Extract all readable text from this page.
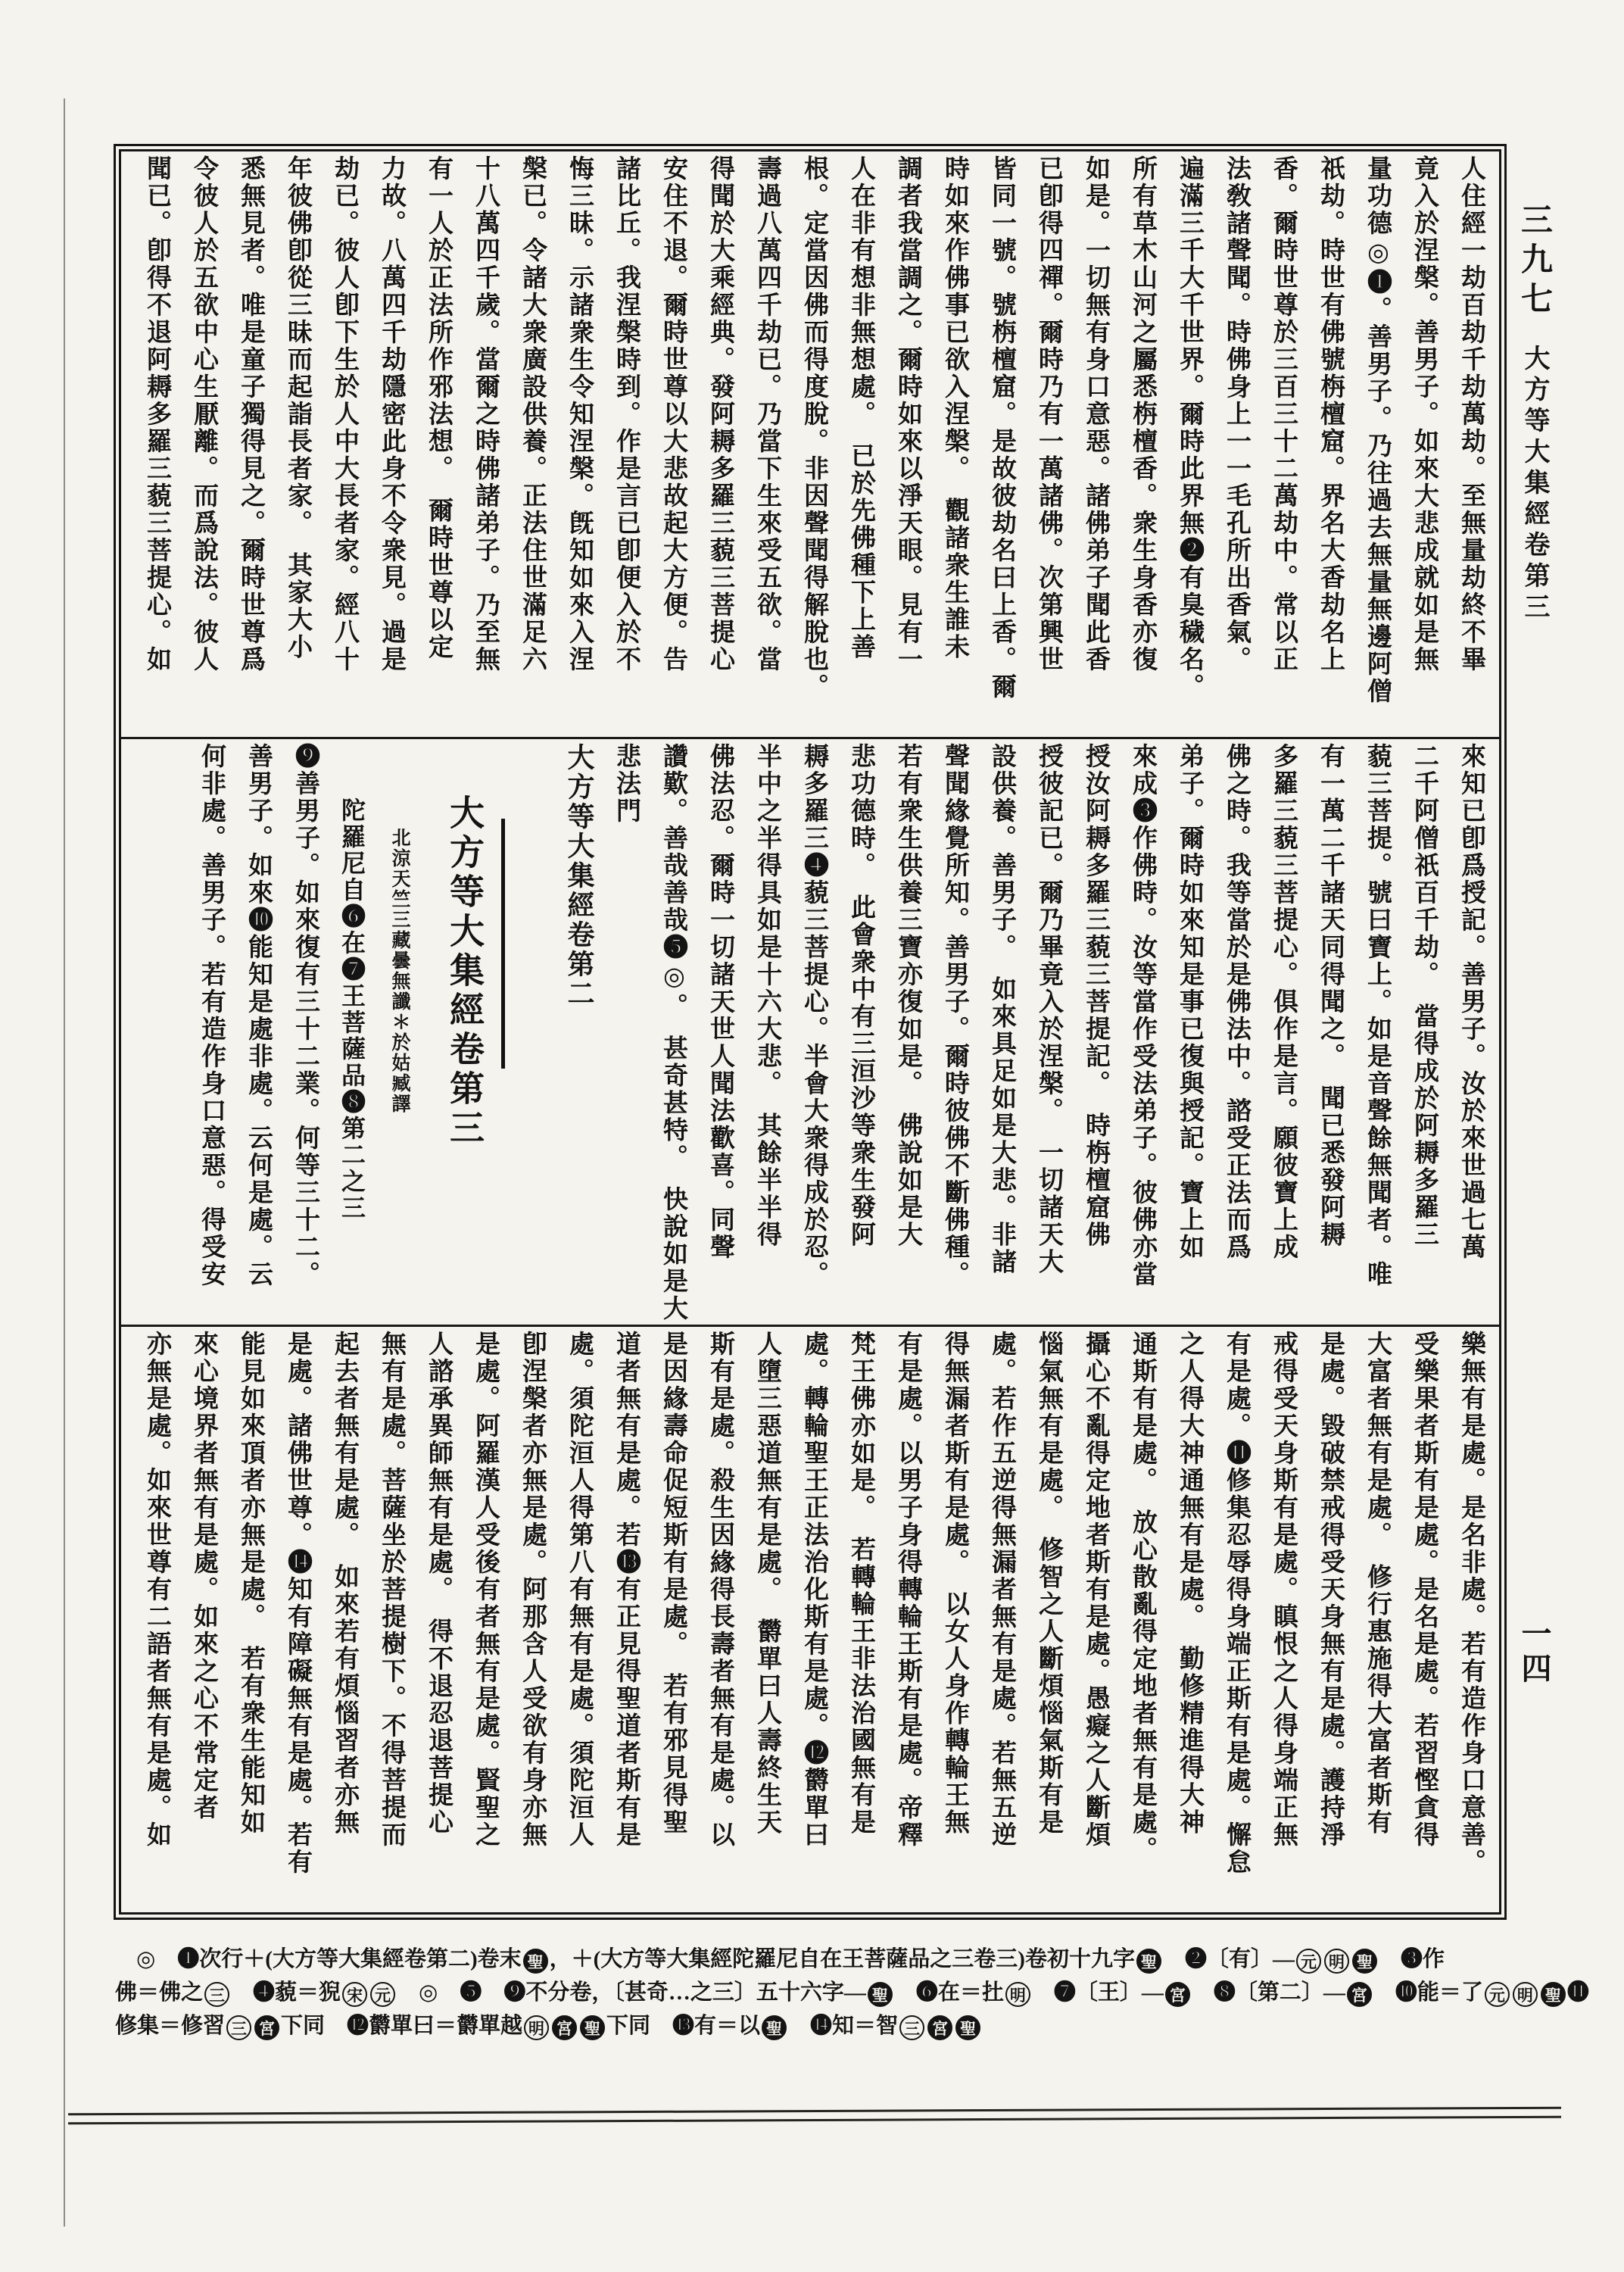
三九七
大方等大集經卷第三
一四
人住經一劫百劫千劫萬劫。至無量劫終不畢
竟入於涅槃。善男子。如來大悲成就如是無
量功德◎❶。善男子。乃往過去無量無邊阿僧
祇劫。時世有佛號栴檀窟。界名大香劫名上
香。爾時世尊於三百三十二萬劫中。常以正
法敎諸聲聞。時佛身上一一毛孔所出香氣。
遍滿三千大千世界。爾時此界無❷有臭穢名。
所有草木山河之屬悉栴檀香。衆生身香亦復
如是。一切無有身口意惡。諸佛弟子聞此香
已卽得四禪。爾時乃有一萬諸佛。次第興世
皆同一號。號栴檀窟。是故彼劫名曰上香。爾
時如來作佛事已欲入涅槃。　觀諸衆生誰未
調者我當調之。爾時如來以淨天眼。見有一
人在非有想非無想處。　已於先佛種下上善
根。定當因佛而得度脫。非因聲聞得解脫也。
壽過八萬四千劫已。乃當下生來受五欲。當
得聞於大乘經典。發阿耨多羅三藐三菩提心
安住不退。爾時世尊以大悲故起大方便。告
諸比丘。我涅槃時到。作是言已卽便入於不
悔三昧。示諸衆生令知涅槃。旣知如來入涅
槃已。令諸大衆廣設供養。正法住世滿足六
十八萬四千歲。當爾之時佛諸弟子。乃至無
有一人於正法所作邪法想。　爾時世尊以定
力故。八萬四千劫隱密此身不令衆見。過是
劫已。彼人卽下生於人中大長者家。經八十
年彼佛卽從三昧而起詣長者家。　其家大小
悉無見者。唯是童子獨得見之。爾時世尊爲
令彼人於五欲中心生厭離。而爲說法。彼人
聞已。卽得不退阿耨多羅三藐三菩提心。如
來知已卽爲授記。善男子。汝於來世過七萬
二千阿僧祇百千劫。　當得成於阿耨多羅三
藐三菩提。號曰寶上。如是音聲餘無聞者。唯
有一萬二千諸天同得聞之。　聞已悉發阿耨
多羅三藐三菩提心。俱作是言。願彼寶上成
佛之時。我等當於是佛法中。諮受正法而爲
弟子。爾時如來知是事已復與授記。寶上如
來成❸作佛時。汝等當作受法弟子。彼佛亦當
授汝阿耨多羅三藐三菩提記。　時栴檀窟佛
授彼記已。爾乃畢竟入於涅槃。　一切諸天大
設供養。善男子。　如來具足如是大悲。非諸
聲聞緣覺所知。善男子。爾時彼佛不斷佛種。
若有衆生供養三寶亦復如是。　佛說如是大
悲功德時。　此會衆中有三洹沙等衆生發阿
耨多羅三❹藐三菩提心。半會大衆得成於忍。
半中之半得具如是十六大悲。　其餘半半得
佛法忍。爾時一切諸天世人聞法歡喜。同聲
讚歎。善哉善哉❺◎。　甚奇甚特。　快說如是大
悲法門
大方等大集經卷第二
大方等大集經卷第三
北涼天竺三藏曇無讖＊於姑臧譯
陀羅尼自❻在❼王菩薩品❽第二之三
❾善男子。如來復有三十二業。何等三十二。
善男子。如來❿能知是處非處。云何是處。云
何非處。善男子。若有造作身口意惡。得受安
樂無有是處。是名非處。若有造作身口意善。
受樂果者斯有是處。是名是處。若習慳貪得
大富者無有是處。　修行惠施得大富者斯有
是處。毀破禁戒得受天身無有是處。護持淨
戒得受天身斯有是處。瞋恨之人得身端正無
有是處。⓫修集忍辱得身端正斯有是處。懈怠
之人得大神通無有是處。　勤修精進得大神
通斯有是處。　放心散亂得定地者無有是處。
攝心不亂得定地者斯有是處。愚癡之人斷煩
惱氣無有是處。　修智之人斷煩惱氣斯有是
處。若作五逆得無漏者無有是處。若無五逆
得無漏者斯有是處。　以女人身作轉輪王無
有是處。以男子身得轉輪王斯有是處。帝釋
梵王佛亦如是。　若轉輪王非法治國無有是
處。轉輪聖王正法治化斯有是處。⓬欝單曰
人墮三惡道無有是處。　欝單曰人壽終生天
斯有是處。殺生因緣得長壽者無有是處。以
是因緣壽命促短斯有是處。　若有邪見得聖
道者無有是處。若⓭有正見得聖道者斯有是
處。須陀洹人得第八有無有是處。須陀洹人
卽涅槃者亦無是處。阿那含人受欲有身亦無
是處。阿羅漢人受後有者無有是處。賢聖之
人諮承異師無有是處。　得不退忍退菩提心
無有是處。菩薩坐於菩提樹下。不得菩提而
起去者無有是處。　如來若有煩惱習者亦無
是處。諸佛世尊。⓮知有障礙無有是處。若有
能見如來頂者亦無是處。　若有衆生能知如
來心境界者無有是處。如來之心不常定者
亦無是處。如來世尊有二語者無有是處。如
◎　❶次行＋(大方等大集經卷第二)卷末 聖 ，＋(大方等大集經陀羅尼自在王菩薩品之三卷三)卷初十九字 聖　❷〔有〕— 元 明 聖　❸作
佛＝佛之 三　❹藐＝猊 宋 元　◎　❺　❾不分卷，〔甚奇…之三〕五十六字— 聖　❻在＝扗 明　❼〔王〕— 宮　❽〔第二〕— 宮　❿能＝了 元 明 聖 ⓫
修集＝修習 三 宮 下同　⓬欝單曰＝欝單越 明 宮 聖 下同　⓭有＝以 聖　⓮知＝智 三 宮 聖
